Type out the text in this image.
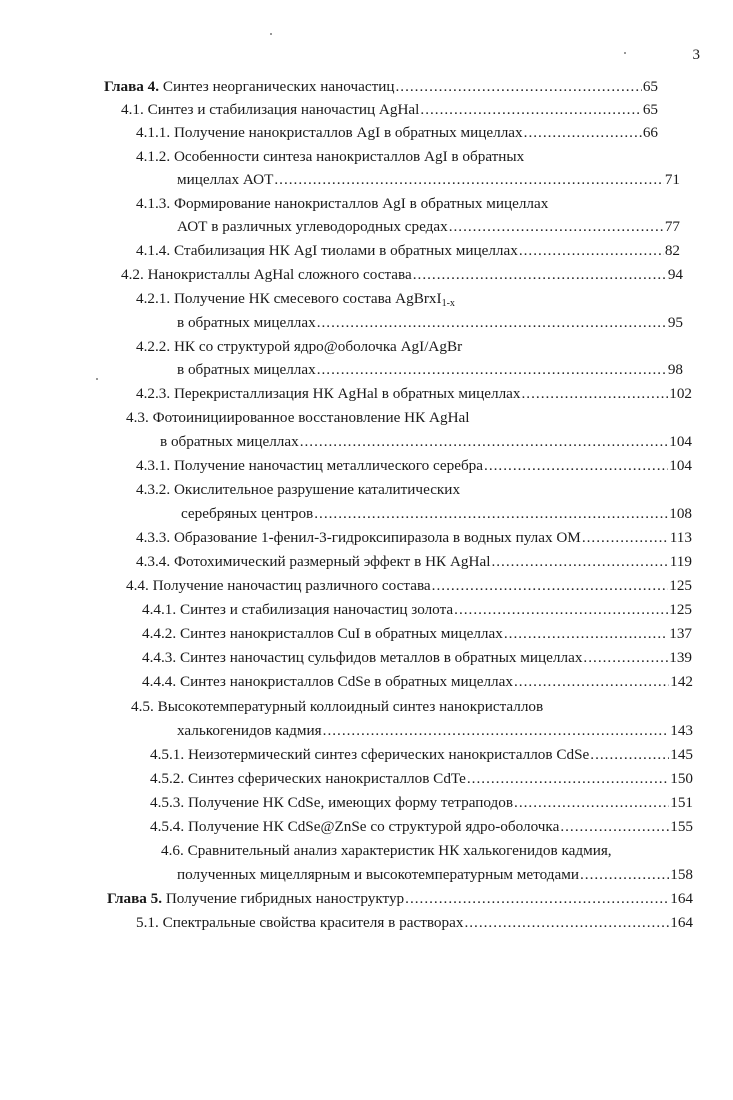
3
Глава 4. Синтез неорганических наночастиц .....	65
4.1. Синтез и стабилизация наночастиц AgHal .....	65
4.1.1. Получение нанокристаллов AgI в обратных мицеллах .....	66
4.1.2. Особенности синтеза нанокристаллов AgI в обратных
мицеллах АОТ .....	71
4.1.3. Формирование нанокристаллов AgI в обратных мицеллах
АОТ в различных углеводородных средах .....	77
4.1.4. Стабилизация НК AgI тиолами в обратных мицеллах .....	82
4.2. Нанокристаллы AgHal сложного состава .....	94
4.2.1. Получение НК смесевого состава AgBrxI$_{1-x}$
в обратных мицеллах .....	95
4.2.2. НК со структурой ядро@оболочка AgI/AgBr
в обратных мицеллах .....	98
4.2.3. Перекристаллизация НК AgHal в обратных мицеллах .....	102
4.3. Фотоинициированное восстановление НК AgHal
в обратных мицеллах .....	104
4.3.1. Получение наночастиц металлического серебра .....	104
4.3.2. Окислительное разрушение каталитических
серебряных центров .....	108
4.3.3. Образование 1-фенил-3-гидроксипиразола в водных пулах ОМ .....	113
4.3.4. Фотохимический размерный эффект в НК AgHal .....	119
4.4. Получение наночастиц различного состава .....	125
4.4.1. Синтез и стабилизация наночастиц золота .....	125
4.4.2. Синтез нанокристаллов CuI в обратных мицеллах .....	137
4.4.3. Синтез наночастиц сульфидов металлов в обратных мицеллах .....	139
4.4.4. Синтез нанокристаллов CdSe в обратных мицеллах .....	142
4.5. Высокотемпературный коллоидный синтез нанокристаллов
халькогенидов кадмия .....	143
4.5.1. Неизотермический синтез сферических нанокристаллов CdSe .....	145
4.5.2. Синтез сферических нанокристаллов CdTe .....	150
4.5.3. Получение НК CdSe, имеющих форму тетраподов .....	151
4.5.4. Получение НК CdSe@ZnSe со структурой ядро-оболочка .....	155
4.6. Сравнительный анализ характеристик НК халькогенидов кадмия,
полученных мицеллярным и высокотемпературным методами .....	158
Глава 5. Получение гибридных наноструктур .....	164
5.1. Спектральные свойства красителя в растворах .....	164
